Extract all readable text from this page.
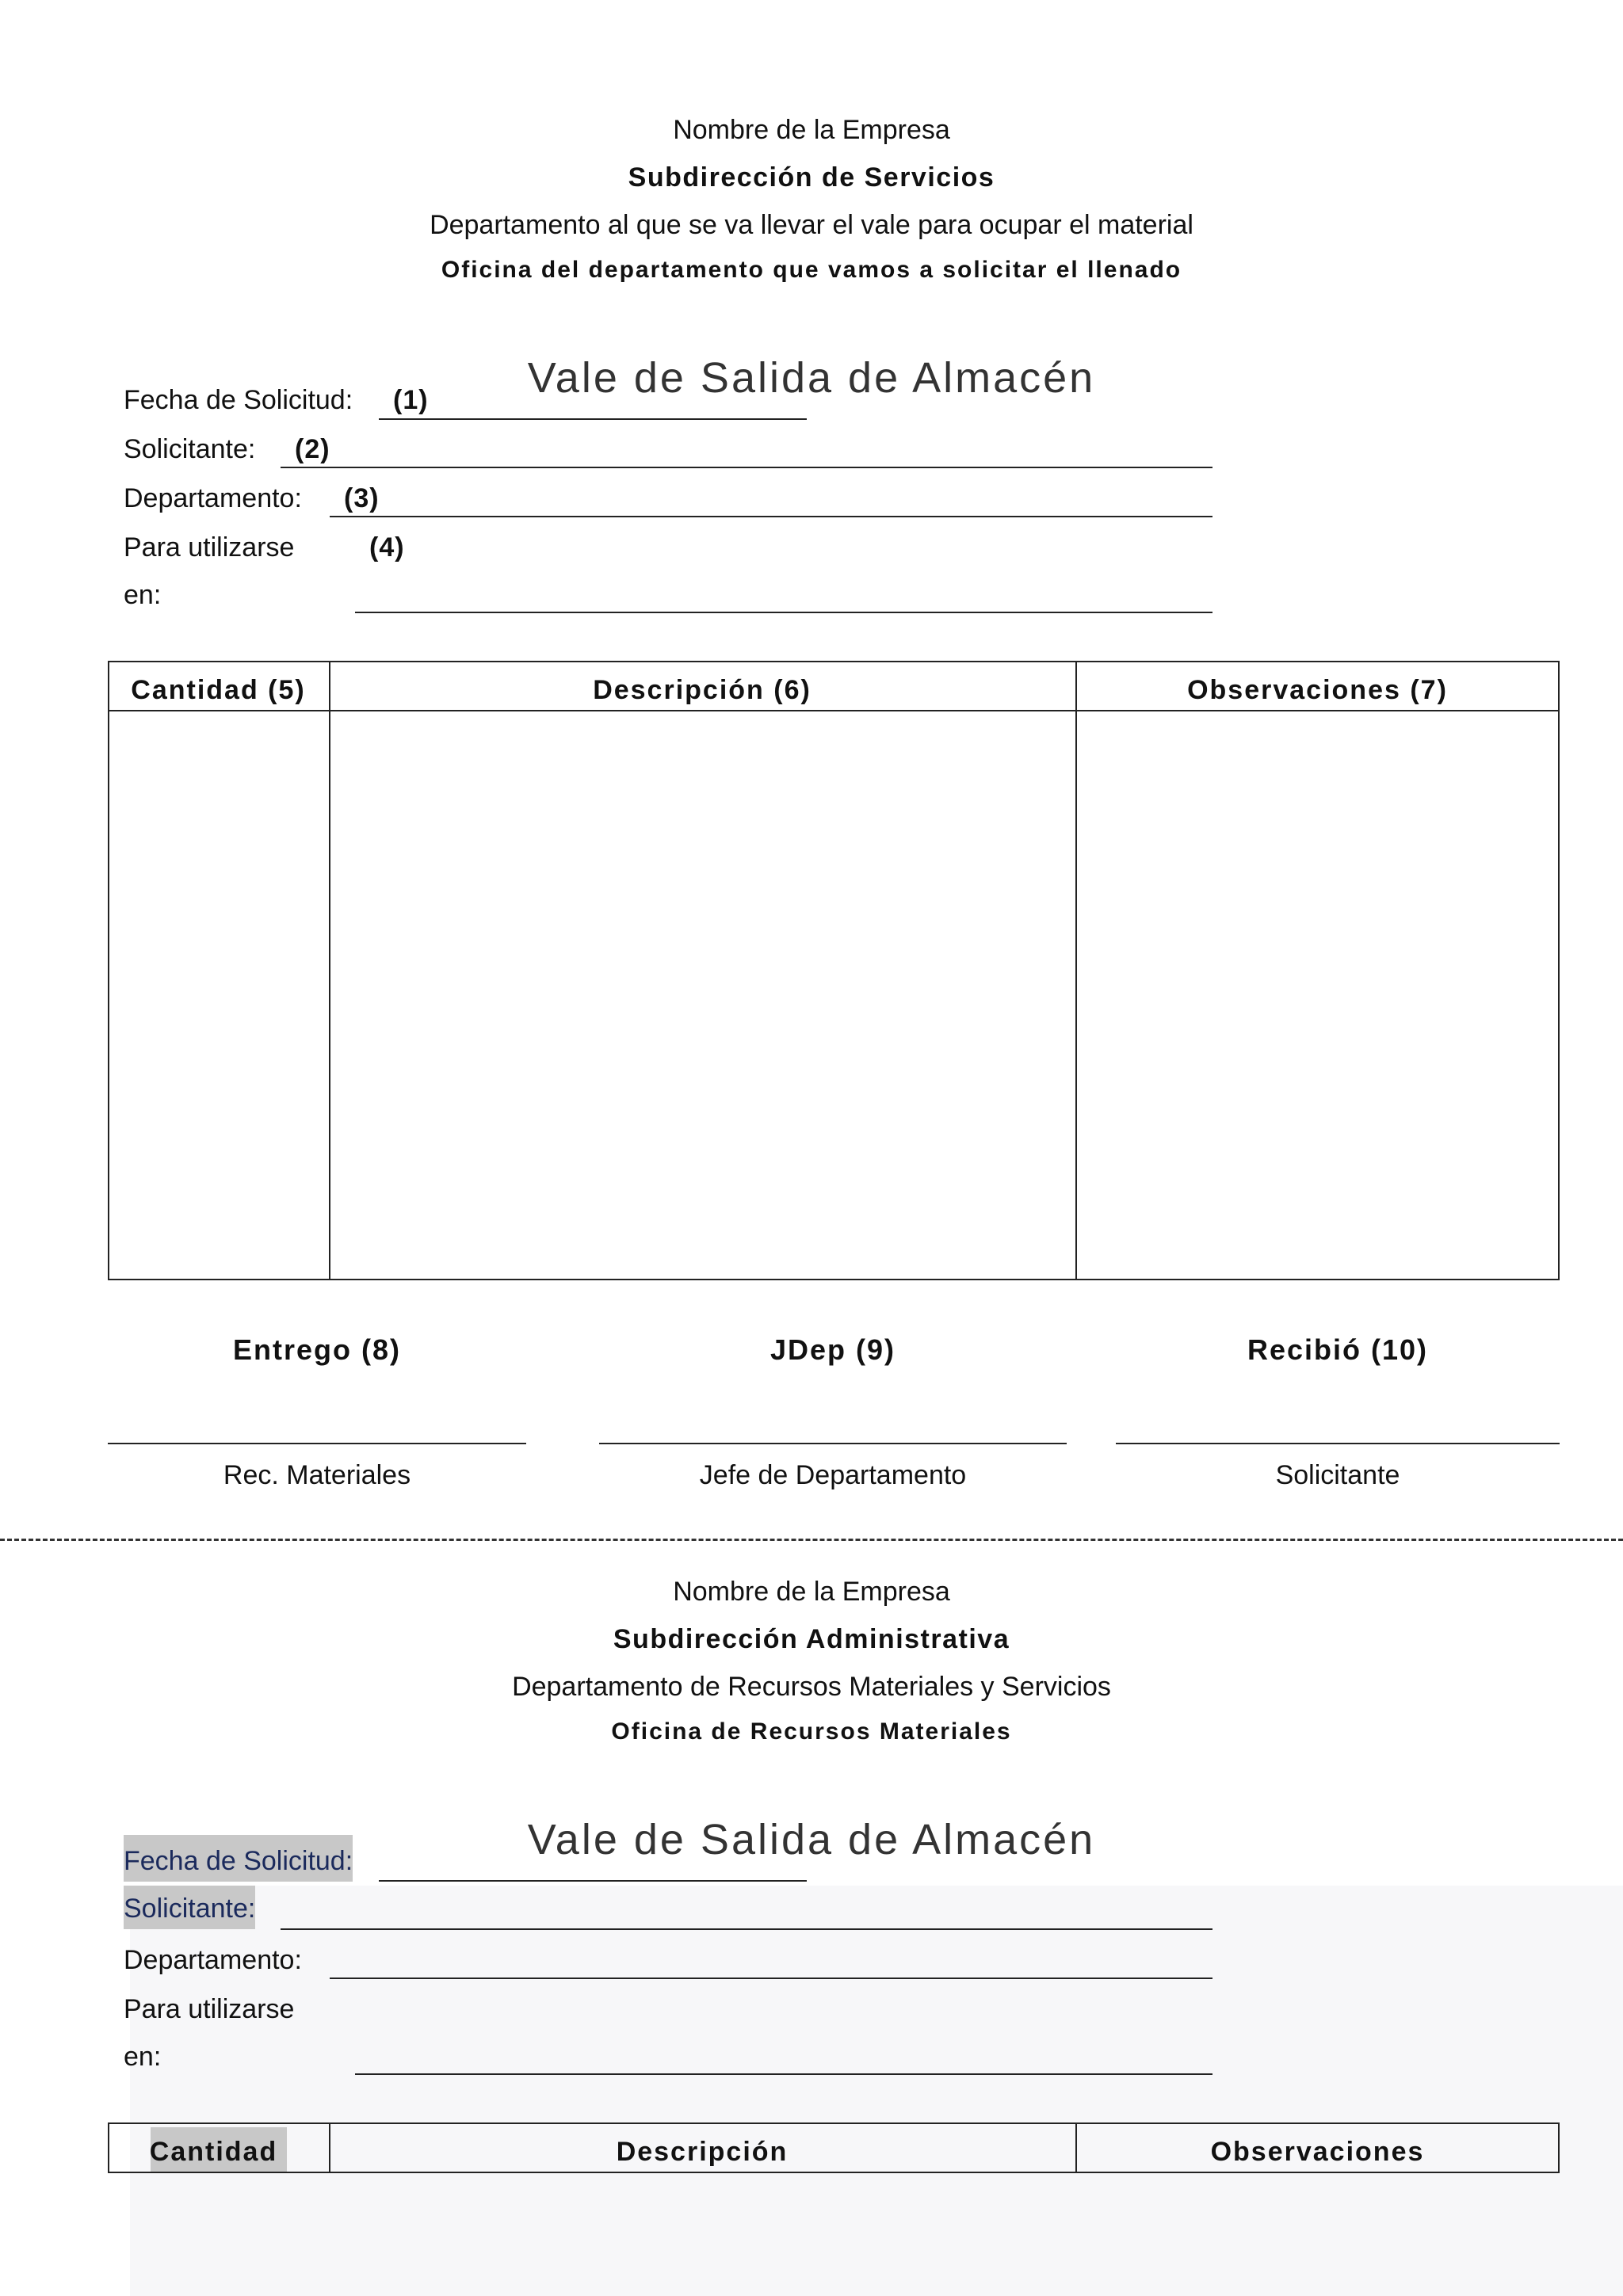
Nombre de la Empresa
Subdirección de Servicios
Departamento al que se va llevar el vale para ocupar el material
Oficina del departamento que vamos a solicitar el llenado
Vale de Salida de Almacén
Fecha de Solicitud: (1)
Solicitante: (2)
Departamento: (3)
Para utilizarse	(4)
en:
Cantidad (5)	Descripción (6)	Observaciones (7)
Entrego (8)
Rec. Materiales
JDep (9)
Jefe de Departamento
Recibió (10)
Solicitante
Nombre de la Empresa
Subdirección Administrativa
Departamento de Recursos Materiales y Servicios
Oficina de Recursos Materiales
Vale de Salida de Almacén
Fecha de Solicitud:
Solicitante:
Departamento:
Para utilizarse
en:
Cantidad	Descripción	Observaciones
